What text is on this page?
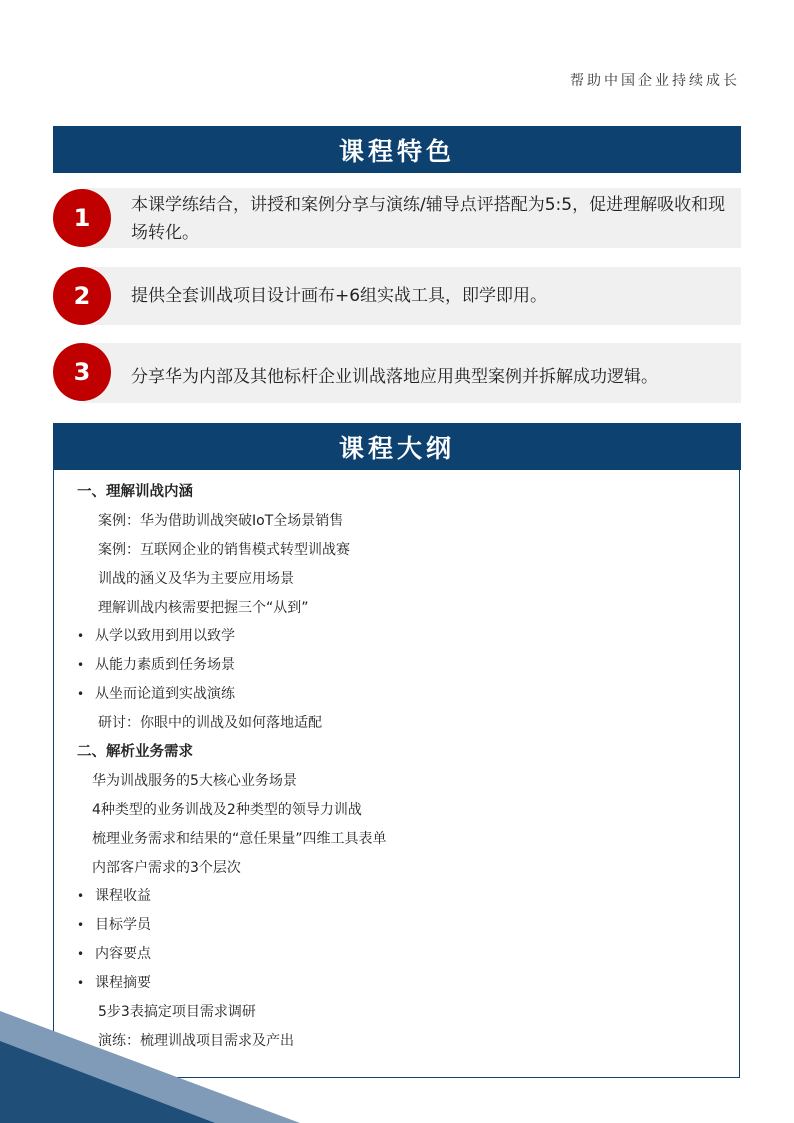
帮助中国企业持续成长
课程特色
1 本课学练结合，讲授和案例分享与演练/辅导点评搭配为5:5，促进理解吸收和现场转化。
2 提供全套训战项目设计画布+6组实战工具，即学即用。
3 分享华为内部及其他标杆企业训战落地应用典型案例并拆解成功逻辑。
课程大纲
一、理解训战内涵
案例：华为借助训战突破IoT全场景销售
案例：互联网企业的销售模式转型训战赛
训战的涵义及华为主要应用场景
理解训战内核需要把握三个“从到”
• 从学以致用到用以致学
• 从能力素质到任务场景
• 从坐而论道到实战演练
研讨：你眼中的训战及如何落地适配
二、解析业务需求
华为训战服务的5大核心业务场景
4种类型的业务训战及2种类型的领导力训战
梳理业务需求和结果的“意任果量”四维工具表单
内部客户需求的3个层次
• 课程收益
• 目标学员
• 内容要点
• 课程摘要
5步3表搞定项目需求调研
演练：梳理训战项目需求及产出
